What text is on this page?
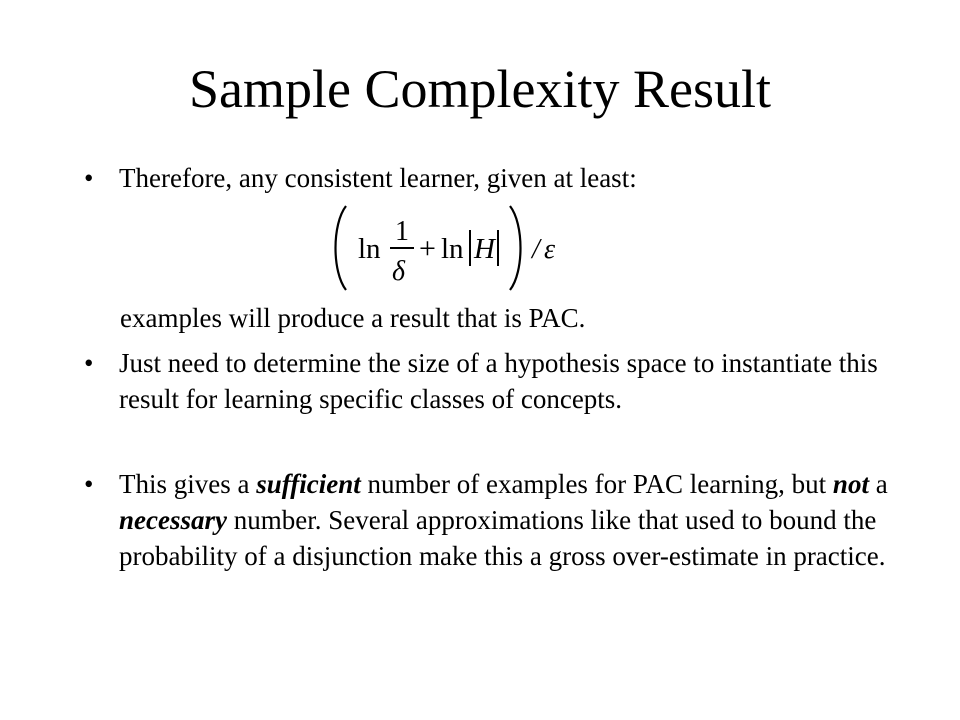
Sample Complexity Result
• Therefore, any consistent learner, given at least:
ln
1
δ
+ ln H / ε
examples will produce a result that is PAC.
• Just need to determine the size of a hypothesis space to instantiate this result for learning specific classes of concepts.
• This gives a sufficient number of examples for PAC learning, but not a necessary number. Several approximations like that used to bound the probability of a disjunction make this a gross over-estimate in practice.
